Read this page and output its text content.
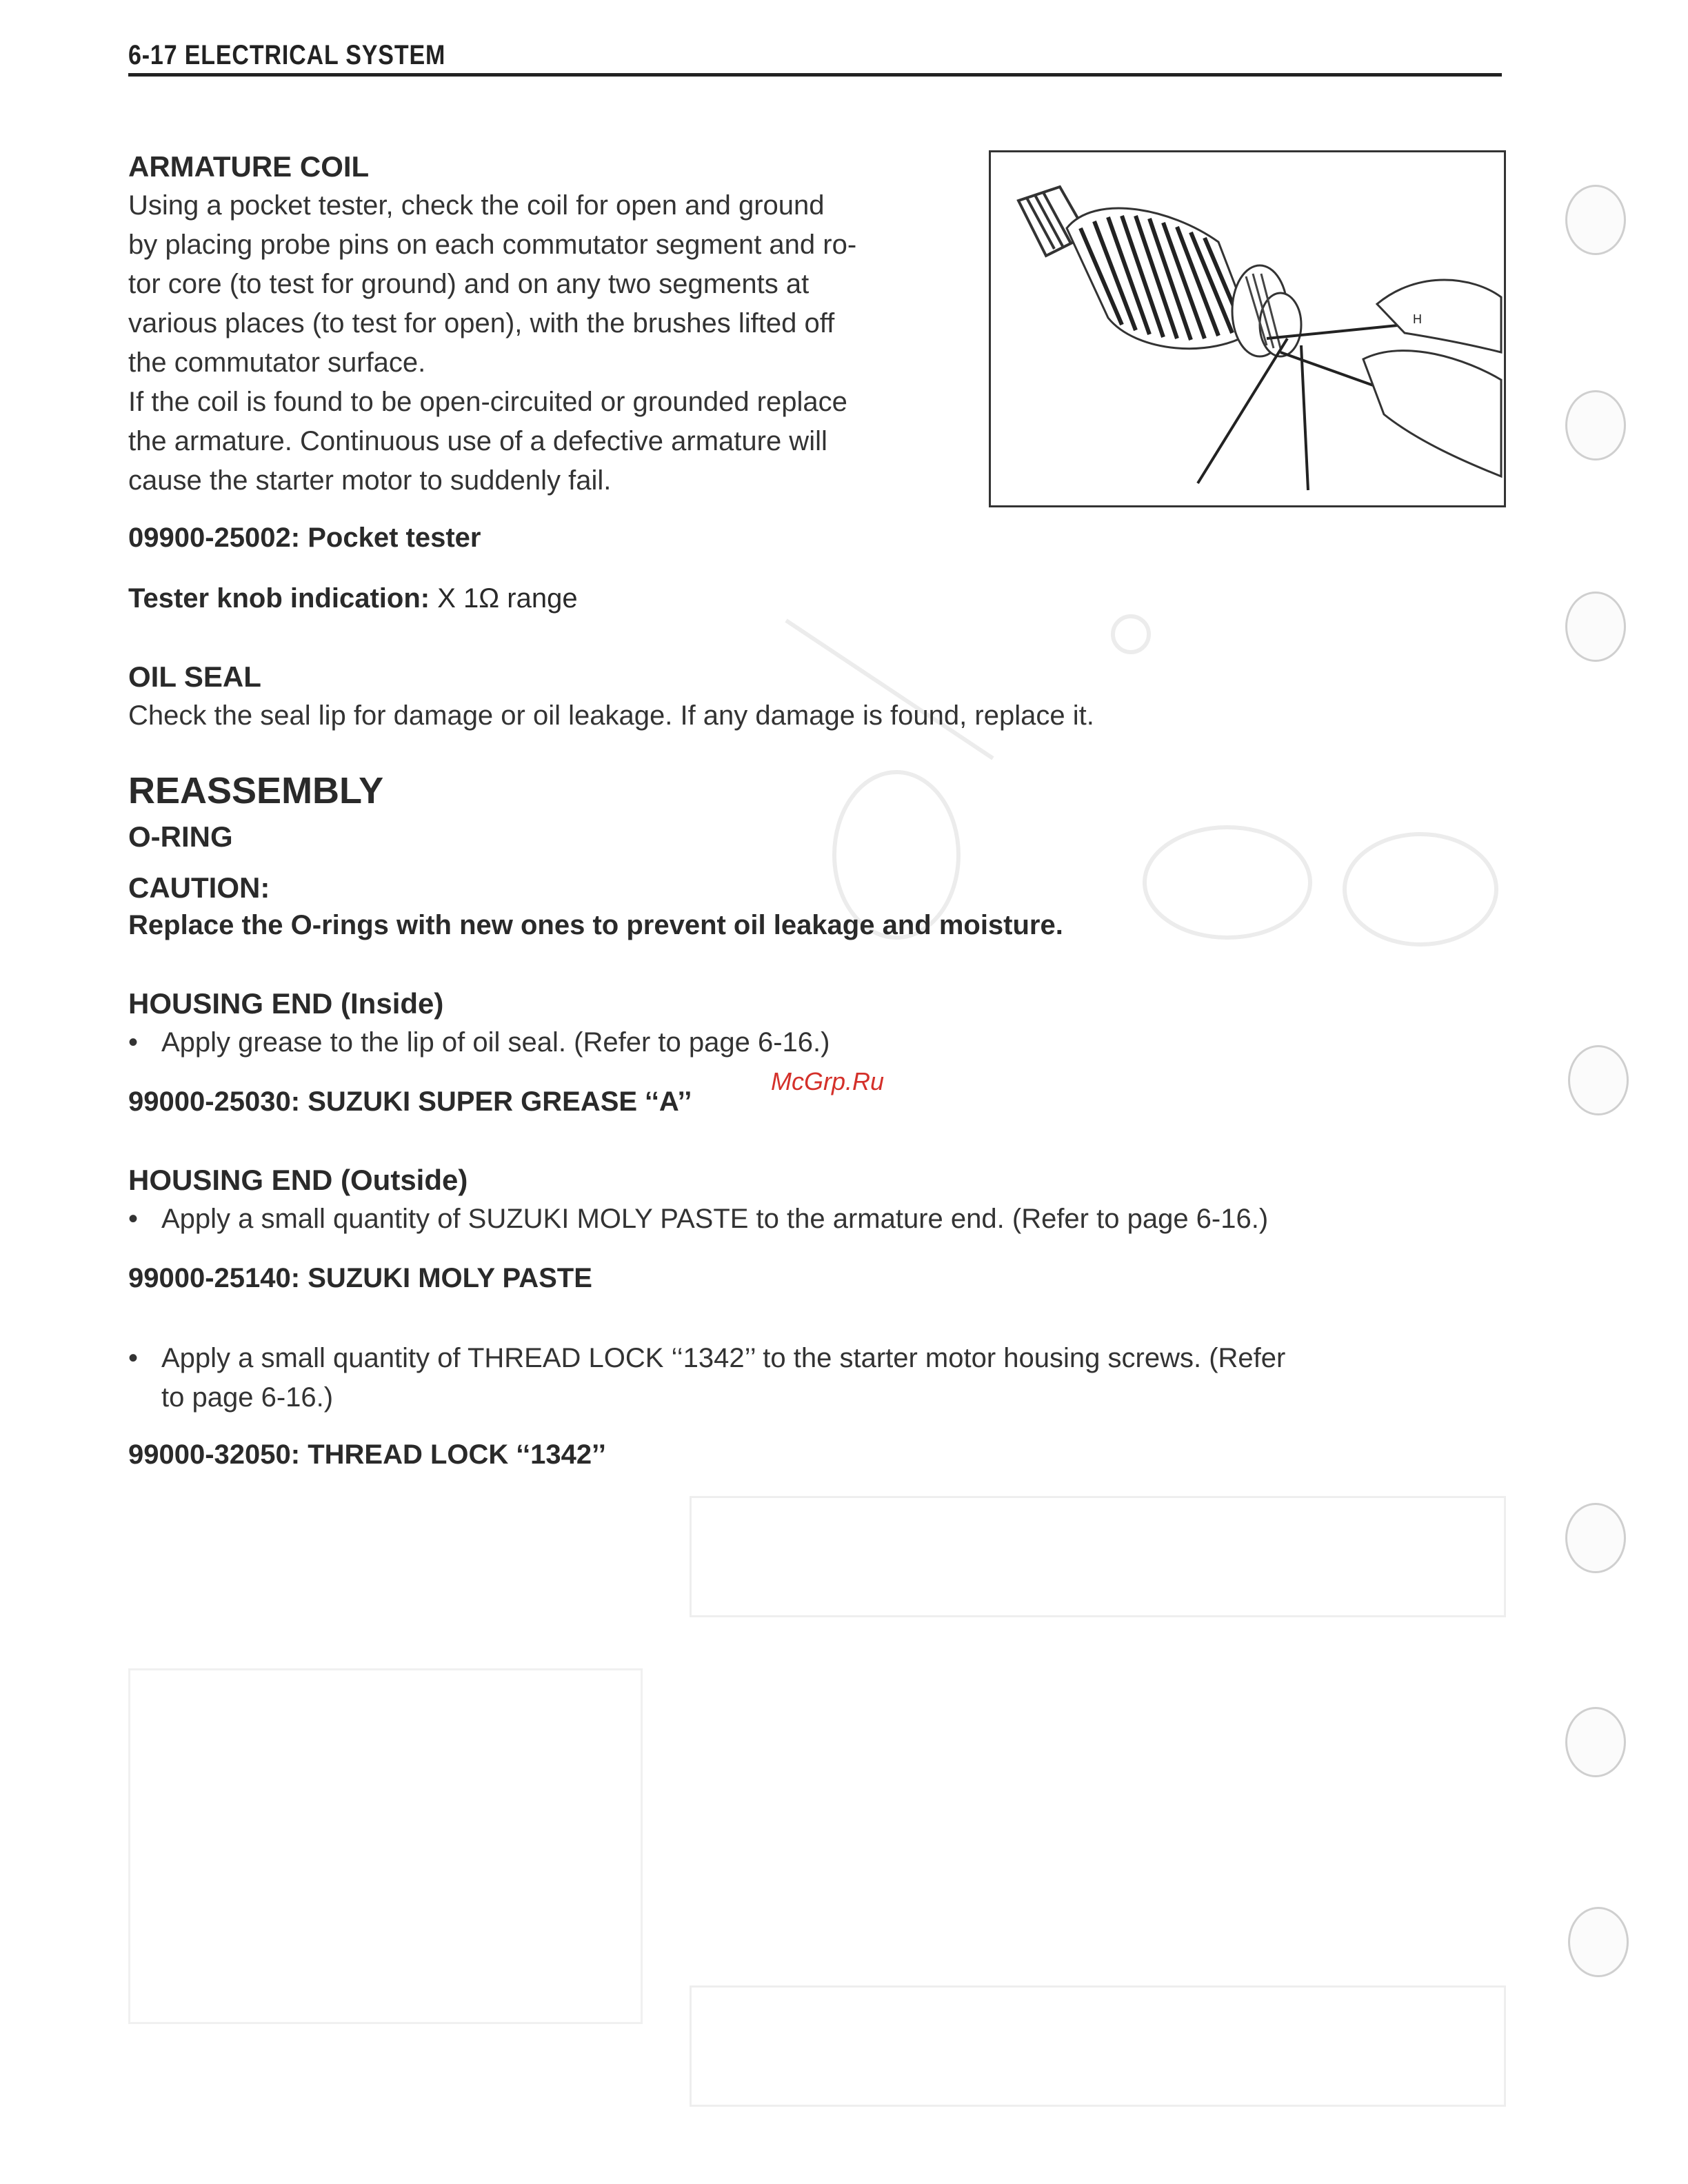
6-17 ELECTRICAL SYSTEM
ARMATURE COIL
Using a pocket tester, check the coil for open and ground
by placing probe pins on each commutator segment and ro-
tor core (to test for ground) and on any two segments at
various places (to test for open), with the brushes lifted off
the commutator surface.
If the coil is found to be open-circuited or grounded replace
the armature. Continuous use of a defective armature will
cause the starter motor to suddenly fail.
09900-25002: Pocket tester
Tester knob indication: X 1Ω range
H
OIL SEAL
Check the seal lip for damage or oil leakage. If any damage is found, replace it.
REASSEMBLY
O-RING
CAUTION:
Replace the O-rings with new ones to prevent oil leakage and moisture.
HOUSING END (Inside)
• Apply grease to the lip of oil seal. (Refer to page 6-16.)
99000-25030: SUZUKI SUPER GREASE ‘‘A’’
McGrp.Ru
HOUSING END (Outside)
• Apply a small quantity of SUZUKI MOLY PASTE to the armature end. (Refer to page 6-16.)
99000-25140: SUZUKI MOLY PASTE
• Apply a small quantity of THREAD LOCK ‘‘1342’’ to the starter motor housing screws. (Refer
to page 6-16.)
99000-32050: THREAD LOCK ‘‘1342’’
